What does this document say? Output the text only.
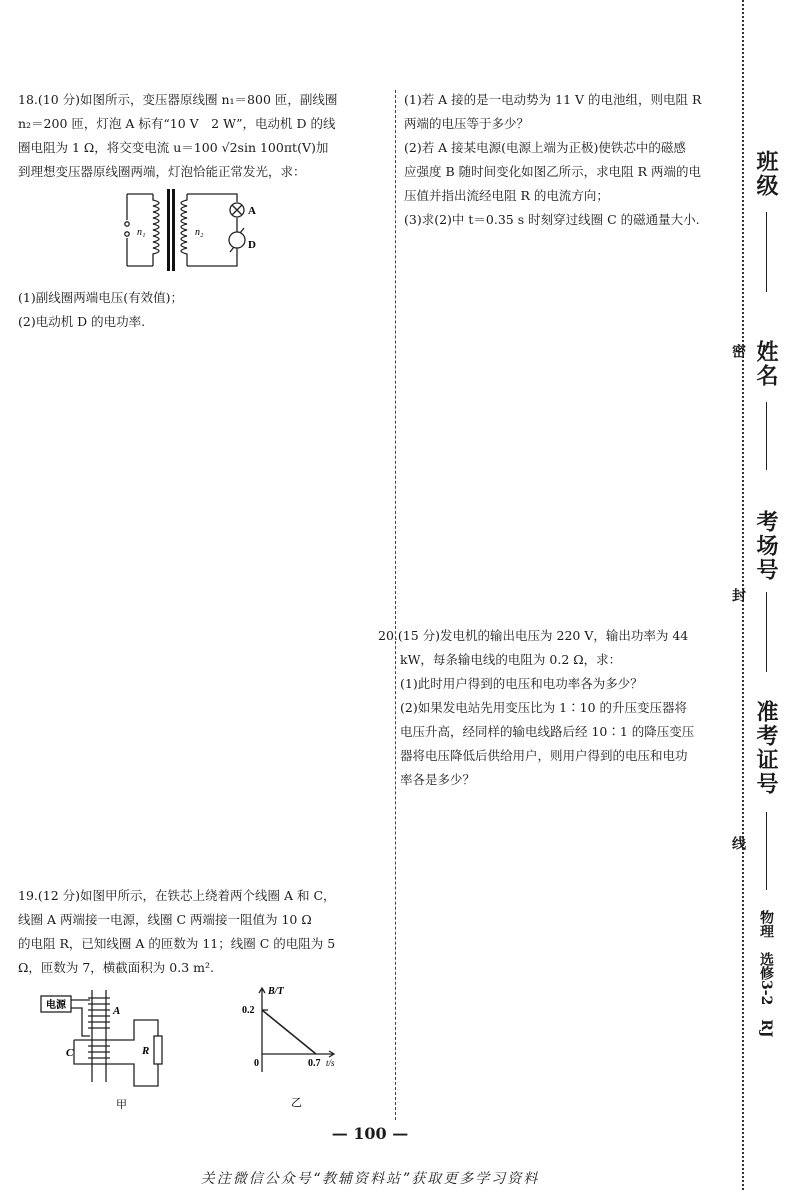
18.(10 分)如图所示，变压器原线圈 n₁＝800 匝，副线圈

n₂＝200 匝，灯泡 A 标有“10 V　2 W”，电动机 D 的线

圈电阻为 1 Ω，将交变电流 u＝100 √2sin 100πt(V)加

到理想变压器原线圈两端，灯泡恰能正常发光，求：

n₁	n₂
A
D

(1)副线圈两端电压(有效值)；

(2)电动机 D 的电功率.

19.(12 分)如图甲所示，在铁芯上绕着两个线圈 A 和 C，

线圈 A 两端接一电源，线圈 C 两端接一阻值为 10 Ω

的电阻 R，已知线圈 A 的匝数为 11；线圈 C 的电阻为 5

Ω，匝数为 7，横截面积为 0.3 m².

电源	A
C	R
甲
B/T
0.2
0	0.7 t/s
乙

(1)若 A 接的是一电动势为 11 V 的电池组，则电阻 R

两端的电压等于多少？

(2)若 A 接某电源(电源上端为正极)使铁芯中的磁感

应强度 B 随时间变化如图乙所示，求电阻 R 两端的电

压值并指出流经电阻 R 的电流方向；

(3)求(2)中 t＝0.35 s 时刻穿过线圈 C 的磁通量大小.

20.(15 分)发电机的输出电压为 220 V，输出功率为 44

kW，每条输电线的电阻为 0.2 Ω，求：

(1)此时用户得到的电压和电功率各为多少？

(2)如果发电站先用变压比为 1∶10 的升压变压器将

电压升高，经同样的输电线路后经 10∶1 的降压变压

器将电压降低后供给用户，则用户得到的电压和电功

率各是多少？

班级
姓名
考场号
准考证号
密
封
线
物理　选修3-2　RJ
— 100 —
关注微信公众号“教辅资料站”获取更多学习资料
